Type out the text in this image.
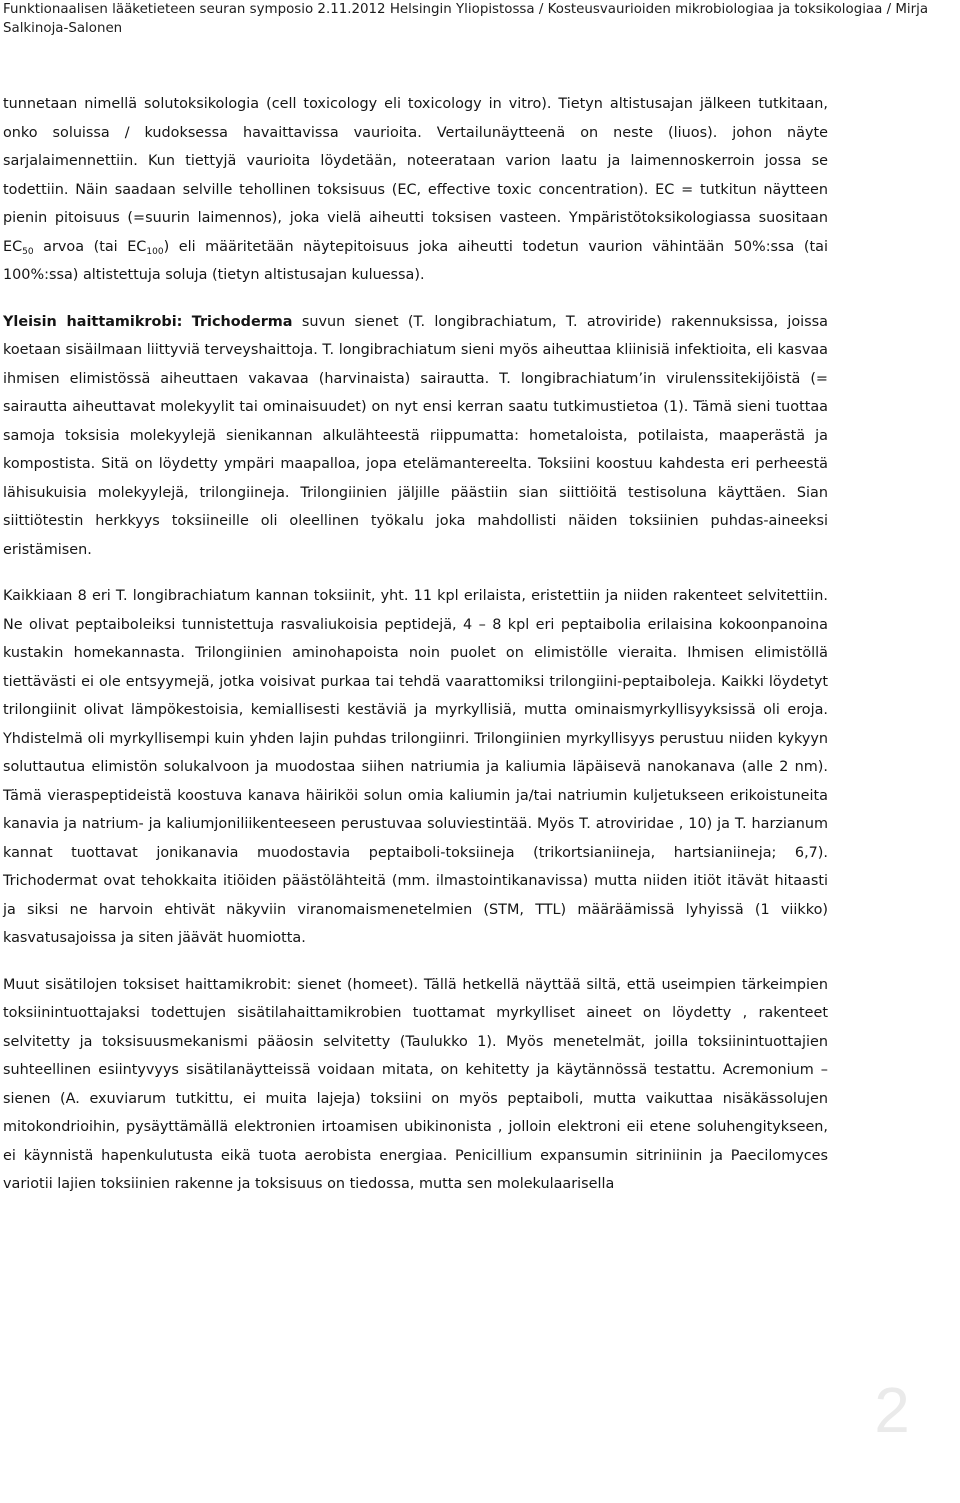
Funktionaalisen lääketieteen seuran symposio 2.11.2012 Helsingin Yliopistossa / Kosteusvaurioiden mikrobiologiaa ja toksikologiaa / Mirja
Salkinoja-Salonen

tunnetaan nimellä solutoksikologia (cell toxicology eli toxicology in vitro). Tietyn altistusajan jälkeen tutkitaan, onko soluissa / kudoksessa havaittavissa vaurioita. Vertailunäytteenä on neste (liuos). johon näyte sarjalaimennettiin. Kun tiettyjä vaurioita löydetään, noteerataan varion laatu ja laimennoskerroin jossa se todettiin. Näin saadaan selville tehollinen toksisuus (EC, effective toxic concentration). EC = tutkitun näytteen pienin pitoisuus (=suurin laimennos), joka vielä aiheutti toksisen vasteen. Ympäristötoksikologiassa suositaan $EC_{50}$ arvoa (tai $EC_{100}$) eli määritetään näytepitoisuus joka aiheutti todetun vaurion vähintään 50%:ssa (tai 100%:ssa) altistettuja soluja (tietyn altistusajan kuluessa).

Yleisin haittamikrobi: Trichoderma suvun sienet (T. longibrachiatum, T. atroviride) rakennuksissa, joissa koetaan sisäilmaan liittyviä terveyshaittoja. T. longibrachiatum sieni myös aiheuttaa kliinisiä infektioita, eli kasvaa ihmisen elimistössä aiheuttaen vakavaa (harvinaista) sairautta. T. longibrachiatum’in virulenssitekijöistä (= sairautta aiheuttavat molekyylit tai ominaisuudet) on nyt ensi kerran saatu tutkimustietoa (1). Tämä sieni tuottaa samoja toksisia molekyylejä sienikannan alkulähteestä riippumatta: hometaloista, potilaista, maaperästä ja kompostista. Sitä on löydetty ympäri maapalloa, jopa etelämantereelta. Toksiini koostuu kahdesta eri perheestä lähisukuisia molekyylejä, trilongiineja. Trilongiinien jäljille päästiin sian siittiöitä testisoluna käyttäen. Sian siittiötestin herkkyys toksiineille oli oleellinen työkalu joka mahdollisti näiden toksiinien puhdas-aineeksi eristämisen.

Kaikkiaan 8 eri T. longibrachiatum kannan toksiinit, yht. 11 kpl erilaista, eristettiin ja niiden rakenteet selvitettiin. Ne olivat peptaiboleiksi tunnistettuja rasvaliukoisia peptidejä, 4 – 8 kpl eri peptaibolia erilaisina kokoonpanoina kustakin homekannasta. Trilongiinien aminohapoista noin puolet on elimistölle vieraita. Ihmisen elimistöllä tiettävästi ei ole entsyymejä, jotka voisivat purkaa tai tehdä vaarattomiksi trilongiini-peptaiboleja. Kaikki löydetyt trilongiinit olivat lämpökestoisia, kemiallisesti kestäviä ja myrkyllisiä, mutta ominaismyrkyllisyyksissä oli eroja. Yhdistelmä oli myrkyllisempi kuin yhden lajin puhdas trilongiinri. Trilongiinien myrkyllisyys perustuu niiden kykyyn soluttautua elimistön solukalvoon ja muodostaa siihen natriumia ja kaliumia läpäisevä nanokanava (alle 2 nm). Tämä vieraspeptideistä koostuva kanava häiriköi solun omia kaliumin ja/tai natriumin kuljetukseen erikoistuneita kanavia ja natrium- ja kaliumjoniliikenteeseen perustuvaa soluviestintää. Myös T. atroviridae , 10) ja T. harzianum kannat tuottavat jonikanavia muodostavia peptaiboli-toksiineja (trikortsianiineja, hartsianiineja; 6,7). Trichodermat ovat tehokkaita itiöiden päästölähteitä (mm. ilmastointikanavissa) mutta niiden itiöt itävät hitaasti ja siksi ne harvoin ehtivät näkyviin viranomaismenetelmien (STM, TTL) määräämissä lyhyissä (1 viikko) kasvatusajoissa ja siten jäävät huomiotta.

Muut sisätilojen toksiset haittamikrobit: sienet (homeet). Tällä hetkellä näyttää siltä, että useimpien tärkeimpien toksiinintuottajaksi todettujen sisätilahaittamikrobien tuottamat myrkylliset aineet on löydetty , rakenteet selvitetty ja toksisuusmekanismi pääosin selvitetty (Taulukko 1). Myös menetelmät, joilla toksiinintuottajien suhteellinen esiintyvyys sisätilanäytteissä voidaan mitata, on kehitetty ja käytännössä testattu. Acremonium –sienen (A. exuviarum tutkittu, ei muita lajeja) toksiini on myös peptaiboli, mutta vaikuttaa nisäkässolujen mitokondrioihin, pysäyttämällä elektronien irtoamisen ubikinonista , jolloin elektroni eii etene soluhengitykseen, ei käynnistä hapenkulutusta eikä tuota aerobista energiaa. Penicillium expansumin sitriniinin ja Paecilomyces variotii lajien toksiinien rakenne ja toksisuus on tiedossa, mutta sen molekulaarisella

2
